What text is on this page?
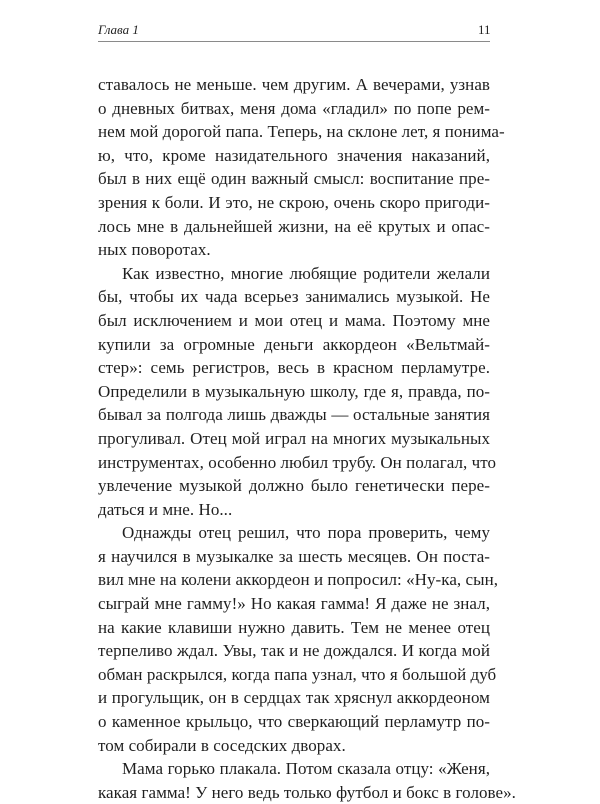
Глава 1	11
ставалось не меньше. чем другим. А вечерами, узнав
о дневных битвах, меня дома «гладил» по попе рем-
нем мой дорогой папа. Теперь, на склоне лет, я понима-
ю, что, кроме назидательного значения наказаний,
был в них ещё один важный смысл: воспитание пре-
зрения к боли. И это, не скрою, очень скоро пригоди-
лось мне в дальнейшей жизни, на её крутых и опас-
ных поворотах.
Как известно, многие любящие родители желали
бы, чтобы их чада всерьез занимались музыкой. Не
был исключением и мои отец и мама. Поэтому мне
купили за огромные деньги аккордеон «Вельтмай-
стер»: семь регистров, весь в красном перламутре.
Определили в музыкальную школу, где я, правда, по-
бывал за полгода лишь дважды — остальные занятия
прогуливал. Отец мой играл на многих музыкальных
инструментах, особенно любил трубу. Он полагал, что
увлечение музыкой должно было генетически пере-
даться и мне. Но...
Однажды отец решил, что пора проверить, чему
я научился в музыкалке за шесть месяцев. Он поста-
вил мне на колени аккордеон и попросил: «Ну-ка, сын,
сыграй мне гамму!» Но какая гамма! Я даже не знал,
на какие клавиши нужно давить. Тем не менее отец
терпеливо ждал. Увы, так и не дождался. И когда мой
обман раскрылся, когда папа узнал, что я большой дуб
и прогульщик, он в сердцах так хряснул аккордеоном
о каменное крыльцо, что сверкающий перламутр по-
том собирали в соседских дворах.
Мама горько плакала. Потом сказала отцу: «Женя,
какая гамма! У него ведь только футбол и бокс в голове».
